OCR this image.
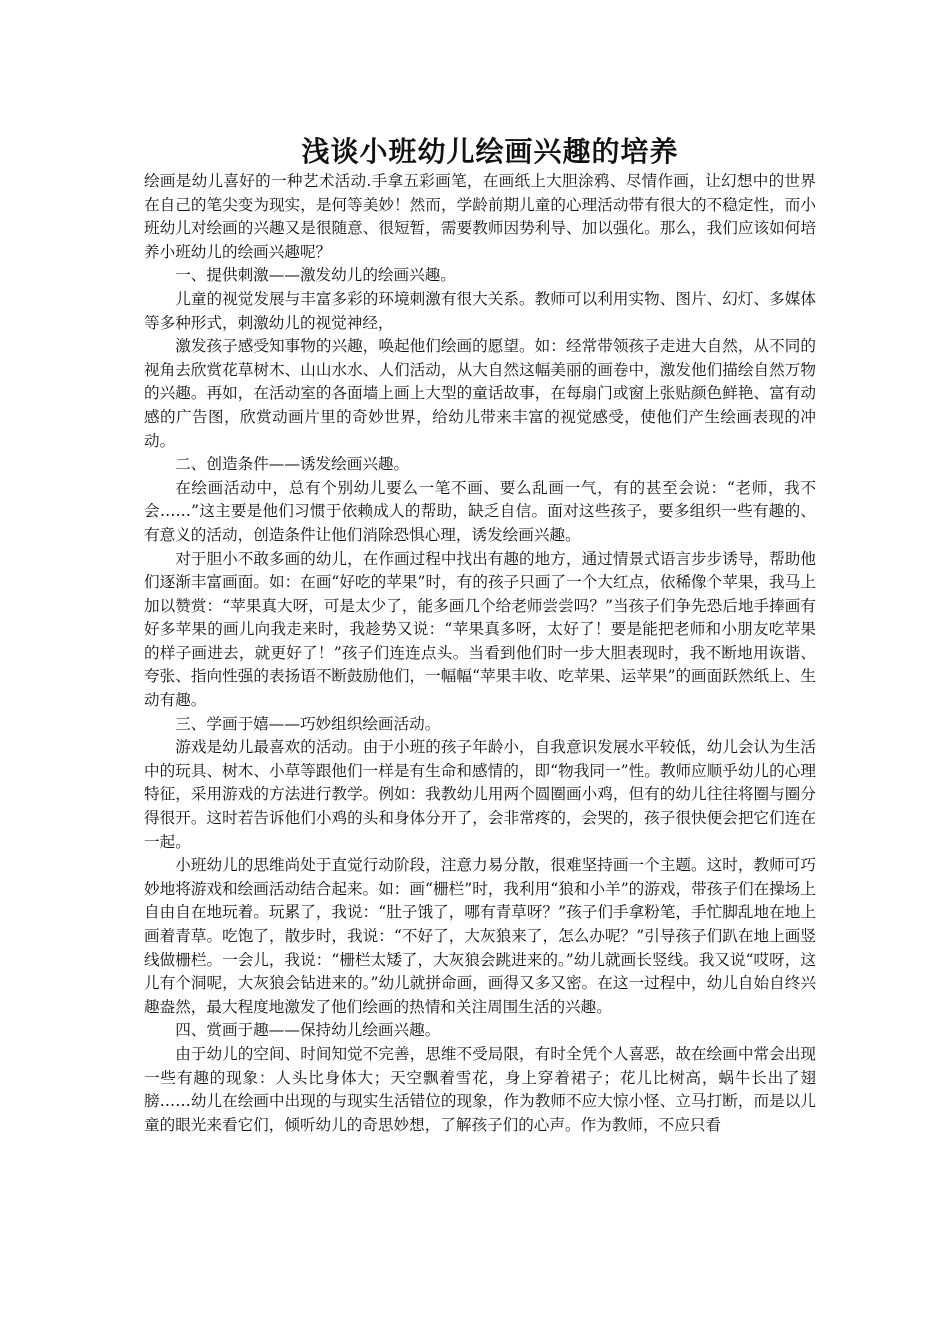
浅谈小班幼儿绘画兴趣的培养

绘画是幼儿喜好的一种艺术活动.手拿五彩画笔，在画纸上大胆涂鸦、尽情作画，让幻想中的世界在自己的笔尖变为现实，是何等美妙！然而，学龄前期儿童的心理活动带有很大的不稳定性，而小班幼儿对绘画的兴趣又是很随意、很短暂，需要教师因势利导、加以强化。那么，我们应该如何培养小班幼儿的绘画兴趣呢？

一、提供刺激——激发幼儿的绘画兴趣。

儿童的视觉发展与丰富多彩的环境刺激有很大关系。教师可以利用实物、图片、幻灯、多媒体等多种形式，刺激幼儿的视觉神经，

激发孩子感受知事物的兴趣，唤起他们绘画的愿望。如：经常带领孩子走进大自然，从不同的视角去欣赏花草树木、山山水水、人们活动，从大自然这幅美丽的画卷中，激发他们描绘自然万物的兴趣。再如，在活动室的各面墙上画上大型的童话故事，在每扇门或窗上张贴颜色鲜艳、富有动感的广告图，欣赏动画片里的奇妙世界，给幼儿带来丰富的视觉感受，使他们产生绘画表现的冲动。

二、创造条件——诱发绘画兴趣。

在绘画活动中，总有个别幼儿要么一笔不画、要么乱画一气，有的甚至会说：“老师，我不会……”这主要是他们习惯于依赖成人的帮助，缺乏自信。面对这些孩子，要多组织一些有趣的、有意义的活动，创造条件让他们消除恐惧心理，诱发绘画兴趣。

对于胆小不敢多画的幼儿，在作画过程中找出有趣的地方，通过情景式语言步步诱导，帮助他们逐渐丰富画面。如：在画“好吃的苹果”时，有的孩子只画了一个大红点，依稀像个苹果，我马上加以赞赏：“苹果真大呀，可是太少了，能多画几个给老师尝尝吗？”当孩子们争先恐后地手捧画有好多苹果的画儿向我走来时，我趁势又说：“苹果真多呀，太好了！要是能把老师和小朋友吃苹果的样子画进去，就更好了！”孩子们连连点头。当看到他们时一步大胆表现时，我不断地用诙谐、夸张、指向性强的表扬语不断鼓励他们，一幅幅“苹果丰收、吃苹果、运苹果”的画面跃然纸上、生动有趣。

三、学画于嬉——巧妙组织绘画活动。

游戏是幼儿最喜欢的活动。由于小班的孩子年龄小，自我意识发展水平较低，幼儿会认为生活中的玩具、树木、小草等跟他们一样是有生命和感情的，即“物我同一”性。教师应顺乎幼儿的心理特征，采用游戏的方法进行教学。例如：我教幼儿用两个圆圈画小鸡，但有的幼儿往往将圈与圈分得很开。这时若告诉他们小鸡的头和身体分开了，会非常疼的，会哭的，孩子很快便会把它们连在一起。

小班幼儿的思维尚处于直觉行动阶段，注意力易分散，很难坚持画一个主题。这时，教师可巧妙地将游戏和绘画活动结合起来。如：画“栅栏”时，我利用“狼和小羊”的游戏，带孩子们在操场上自由自在地玩着。玩累了，我说：“肚子饿了，哪有青草呀？”孩子们手拿粉笔，手忙脚乱地在地上画着青草。吃饱了，散步时，我说：“不好了，大灰狼来了，怎么办呢？”引导孩子们趴在地上画竖线做栅栏。一会儿，我说：“栅栏太矮了，大灰狼会跳进来的。”幼儿就画长竖线。我又说“哎呀，这儿有个洞呢，大灰狼会钻进来的。”幼儿就拼命画，画得又多又密。在这一过程中，幼儿自始自终兴趣盎然，最大程度地激发了他们绘画的热情和关注周围生活的兴趣。

四、赏画于趣——保持幼儿绘画兴趣。

由于幼儿的空间、时间知觉不完善，思维不受局限，有时全凭个人喜恶，故在绘画中常会出现一些有趣的现象：人头比身体大；天空飘着雪花，身上穿着裙子；花儿比树高，蜗牛长出了翅膀……幼儿在绘画中出现的与现实生活错位的现象，作为教师不应大惊小怪、立马打断，而是以儿童的眼光来看它们，倾听幼儿的奇思妙想，了解孩子们的心声。作为教师，不应只看
